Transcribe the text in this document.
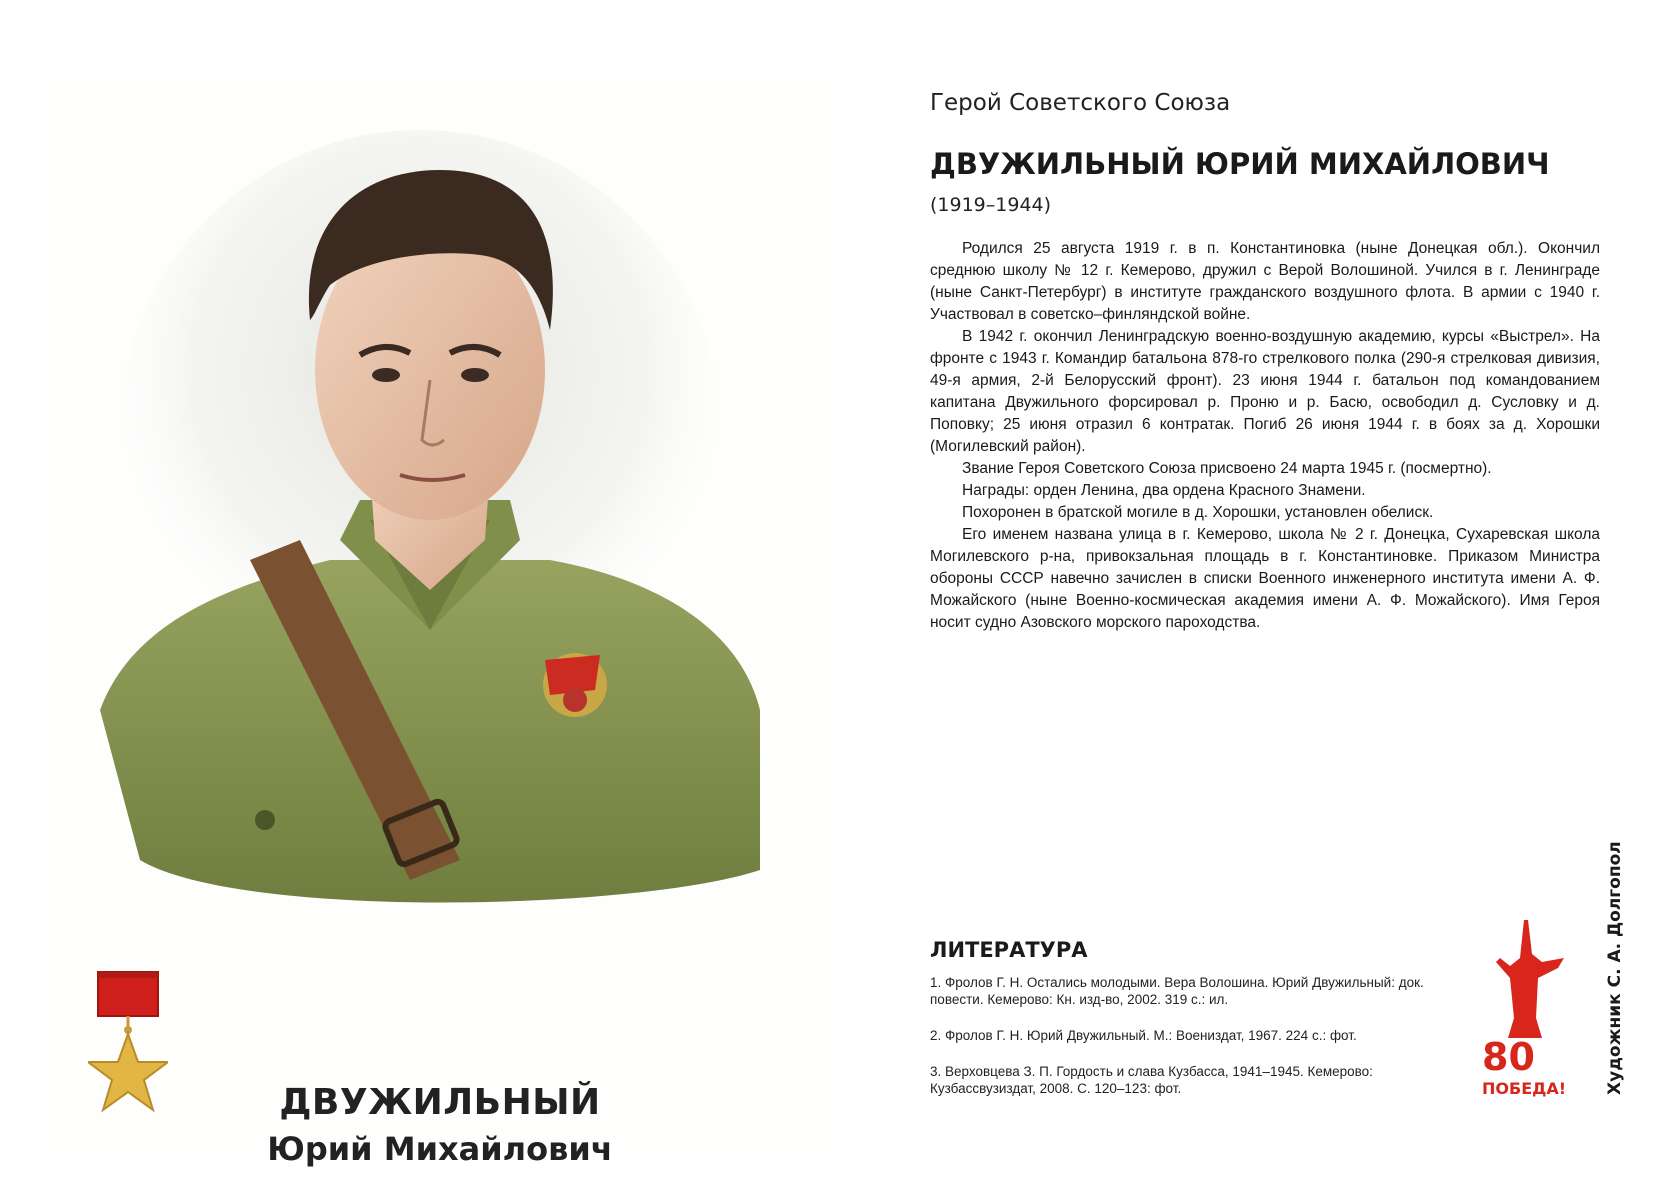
ДВУЖИЛЬНЫЙ
Юрий Михайлович
Герой Советского Союза
ДВУЖИЛЬНЫЙ ЮРИЙ МИХАЙЛОВИЧ
(1919–1944)

Родился 25 августа 1919 г. в п. Константиновка (ныне Донецкая обл.). Окончил среднюю школу № 12 г. Кемерово, дружил с Верой Волошиной. Учился в г. Ленинграде (ныне Санкт-Петербург) в институте гражданского воздушного флота. В армии с 1940 г. Участвовал в советско–финляндской войне.

В 1942 г. окончил Ленинградскую военно-воздушную академию, курсы «Выстрел». На фронте с 1943 г. Командир батальона 878-го стрелкового полка (290-я стрелковая дивизия, 49-я армия, 2-й Белорусский фронт). 23 июня 1944 г. батальон под командованием капитана Двужильного форсировал р. Проню и р. Басю, освободил д. Сусловку и д. Поповку; 25 июня отразил 6 контратак. Погиб 26 июня 1944 г. в боях за д. Хорошки (Могилевский район).

Звание Героя Советского Союза присвоено 24 марта 1945 г. (посмертно).

Награды: орден Ленина, два ордена Красного Знамени.

Похоронен в братской могиле в д. Хорошки, установлен обелиск.

Его именем названа улица в г. Кемерово, школа № 2 г. Донецка, Сухаревская школа Могилевского р-на, привокзальная площадь в г. Константиновке. Приказом Министра обороны СССР навечно зачислен в списки Военного инженерного института имени А. Ф. Можайского (ныне Военно-космическая академия имени А. Ф. Можайского). Имя Героя носит судно Азовского морского пароходства.

ЛИТЕРАТУРА

1. Фролов Г. Н. Остались молодыми. Вера Волошина. Юрий Двужильный: док. повести. Кемерово: Кн. изд-во, 2002. 319 с.: ил.

2. Фролов Г. Н. Юрий Двужильный. М.: Воениздат, 1967. 224 с.: фот.

3. Верховцева З. П. Гордость и слава Кузбасса, 1941–1945. Кемерово: Кузбассвузиздат, 2008. С. 120–123: фот.

80
ПОБЕДА! Художник С. А. Долгопол
